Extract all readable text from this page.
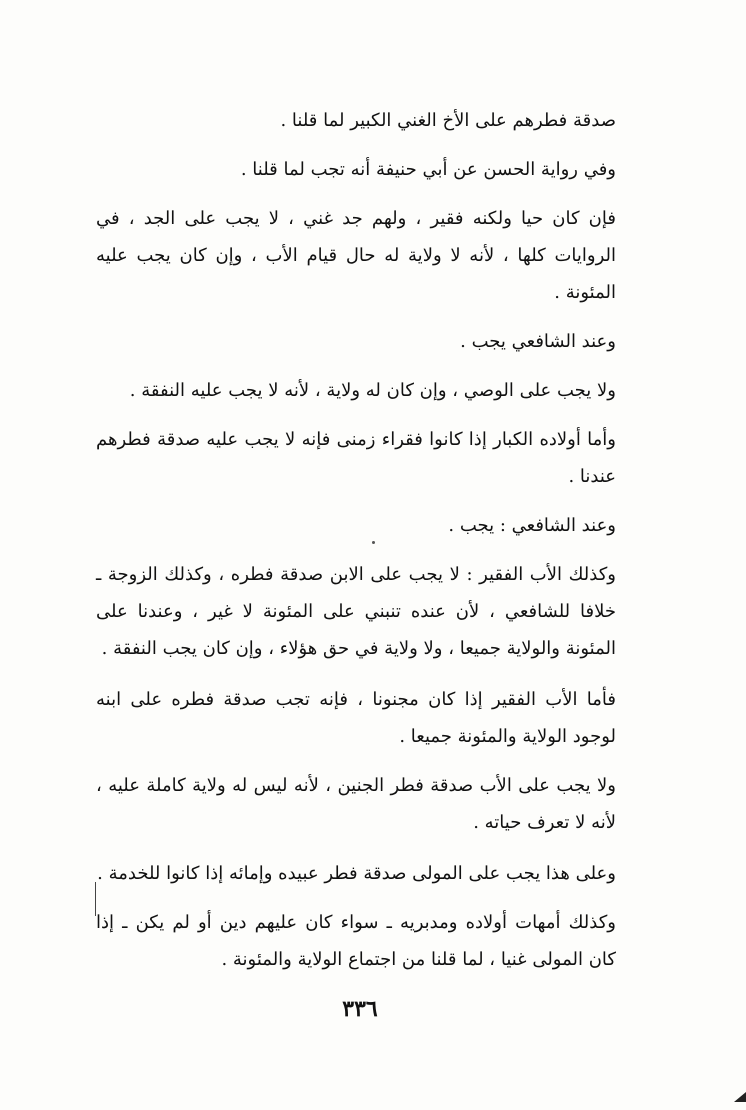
صدقة فطرهم على الأخ الغني الكبير لما قلنا .

وفي رواية الحسن عن أبي حنيفة أنه تجب لما قلنا .

فإن كان حيا ولكنه فقير ، ولهم جد غني ، لا يجب على الجد ، في الروايات كلها ، لأنه لا ولاية له حال قيام الأب ، وإن كان يجب عليه المئونة .

وعند الشافعي يجب .

ولا يجب على الوصي ، وإن كان له ولاية ، لأنه لا يجب عليه النفقة .

وأما أولاده الكبار إذا كانوا فقراء زمنى فإنه لا يجب عليه صدقة فطرهم عندنا .

وعند الشافعي : يجب .

وكذلك الأب الفقير : لا يجب على الابن صدقة فطره ، وكذلك الزوجة ـ خلافا للشافعي ، لأن عنده تنبني على المئونة لا غير ، وعندنا على المئونة والولاية جميعا ، ولا ولاية في حق هؤلاء ، وإن كان يجب النفقة .

فأما الأب الفقير إذا كان مجنونا ، فإنه تجب صدقة فطره على ابنه لوجود الولاية والمئونة جميعا .

ولا يجب على الأب صدقة فطر الجنين ، لأنه ليس له ولاية كاملة عليه ، لأنه لا تعرف حياته .

وعلى هذا يجب على المولى صدقة فطر عبيده وإمائه إذا كانوا للخدمة .

وكذلك أمهات أولاده ومدبريه ـ سواء كان عليهم دين أو لم يكن ـ إذا كان المولى غنيا ، لما قلنا من اجتماع الولاية والمئونة .

٣٣٦
